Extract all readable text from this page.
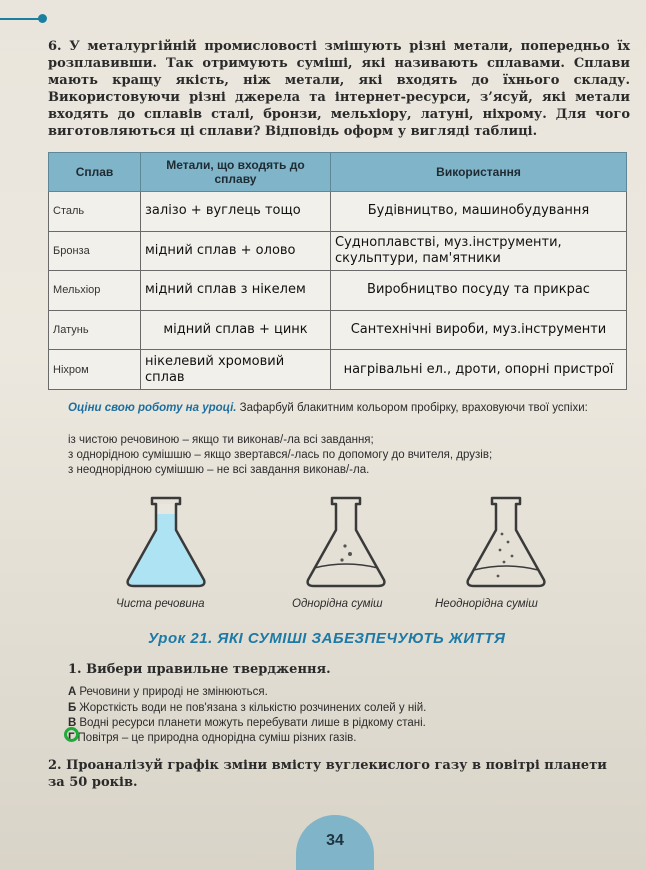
6. У металургійній промисловості змішують різні метали, попередньо їх розплавивши. Так отримують суміші, які називають сплавами. Сплави мають кращу якість, ніж метали, які входять до їхнього складу. Використовуючи різні джерела та інтернет-ресурси, з’ясуй, які метали входять до сплавів сталі, бронзи, мельхіору, латуні, ніхрому. Для чого виготовляються ці сплави? Відповідь оформ у вигляді таблиці.
Сплав	Метали, що входять до сплаву	Використання
Сталь	залізо + вуглець тощо	Будівництво, машинобудування
Бронза	мідний сплав + олово	Судноплавстві, муз.інструменти, скульптури, пам'ятники
Мельхіор	мідний сплав з нікелем	Виробництво посуду та прикрас
Латунь	мідний сплав + цинк	Сантехнічні вироби, муз.інструменти
Ніхром	нікелевий хромовий сплав	нагрівальні ел., дроти, опорні пристрої
Оціни свою роботу на уроці. Зафарбуй блакитним кольором пробірку, враховуючи твої успіхи:
із чистою речовиною – якщо ти виконав/-ла всі завдання;
з однорідною сумішшю – якщо звертався/-лась по допомогу до вчителя, друзів;
з неоднорідною сумішшю – не всі завдання виконав/-ла.
Чиста речовина	Однорідна суміш	Неоднорідна суміш
Урок 21. ЯКІ СУМІШІ ЗАБЕЗПЕЧУЮТЬ ЖИТТЯ
1. Вибери правильне твердження.
А Речовини у природі не змінюються.
Б Жорсткість води не пов'язана з кількістю розчинених солей у ній.
В Водні ресурси планети можуть перебувати лише в рідкому стані.
Г Повітря – це природна однорідна суміш різних газів.
2. Проаналізуй графік зміни вмісту вуглекислого газу в повітрі планети за 50 років.
34
